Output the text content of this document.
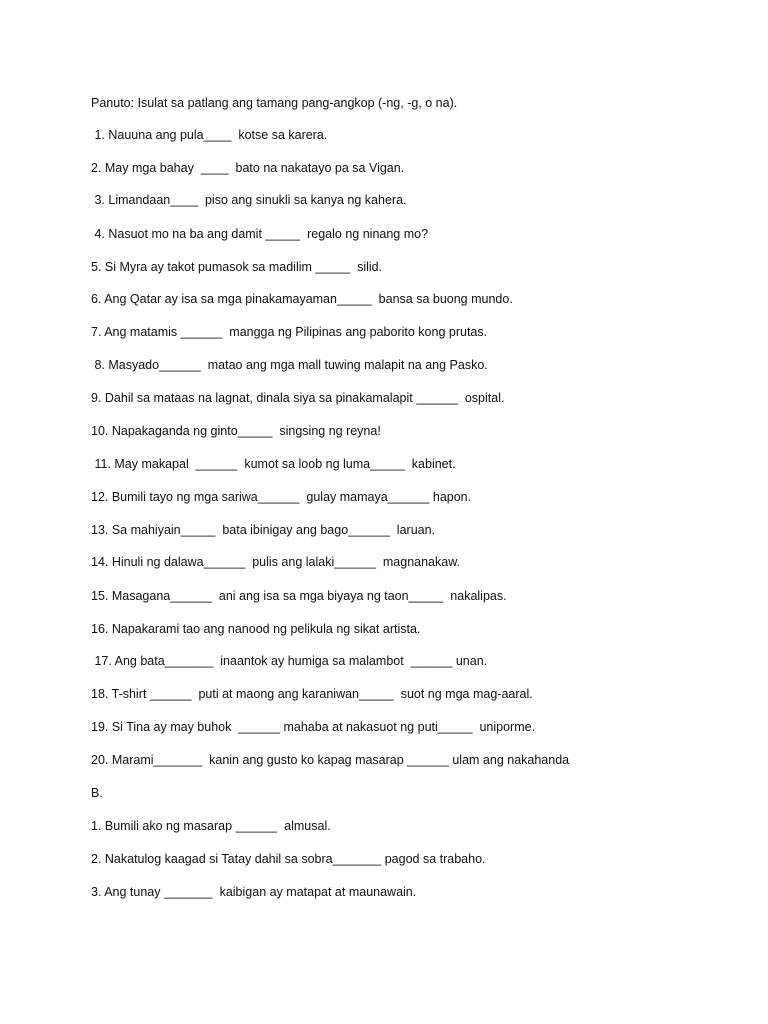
Panuto: Isulat sa patlang ang tamang pang-angkop (-ng, -g, o na).
1. Nauuna ang pula____  kotse sa karera.
2. May mga bahay  ____  bato na nakatayo pa sa Vigan.
3. Limandaan____  piso ang sinukli sa kanya ng kahera.
4. Nasuot mo na ba ang damit _____  regalo ng ninang mo?
5. Si Myra ay takot pumasok sa madilim _____  silid.
6. Ang Qatar ay isa sa mga pinakamayaman_____  bansa sa buong mundo.
7. Ang matamis ______  mangga ng Pilipinas ang paborito kong prutas.
8. Masyado______  matao ang mga mall tuwing malapit na ang Pasko.
9. Dahil sa mataas na lagnat, dinala siya sa pinakamalapit ______  ospital.
10. Napakaganda ng ginto_____  singsing ng reyna!
11. May makapal  ______  kumot sa loob ng luma_____  kabinet.
12. Bumili tayo ng mga sariwa______  gulay mamaya______ hapon.
13. Sa mahiyain_____  bata ibinigay ang bago______  laruan.
14. Hinuli ng dalawa______  pulis ang lalaki______  magnanakaw.
15. Masagana______  ani ang isa sa mga biyaya ng taon_____  nakalipas.
16. Napakarami tao ang nanood ng pelikula ng sikat artista.
17. Ang bata_______  inaantok ay humiga sa malambot  ______ unan.
18. T-shirt ______  puti at maong ang karaniwan_____  suot ng mga mag-aaral.
19. Si Tina ay may buhok  ______ mahaba at nakasuot ng puti_____  uniporme.
20. Marami_______  kanin ang gusto ko kapag masarap ______ ulam ang nakahanda
B.
1. Bumili ako ng masarap ______  almusal.
2. Nakatulog kaagad si Tatay dahil sa sobra_______ pagod sa trabaho.
3. Ang tunay _______  kaibigan ay matapat at maunawain.
